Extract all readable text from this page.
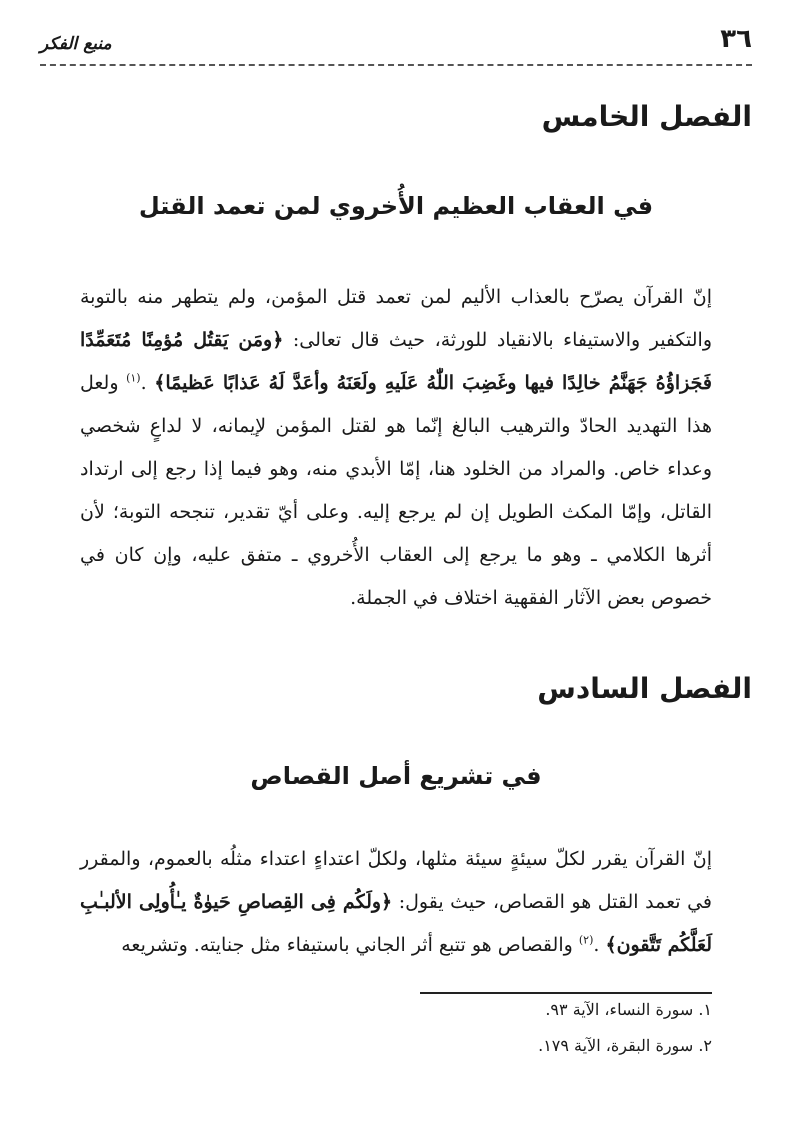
٣٦
منبع الفكر
الفصل الخامس
في العقاب العظيم الأُخروي لمن تعمد القتل

إنّ القرآن يصرّح بالعذاب الأليم لمن تعمد قتل المؤمن، ولم يتطهر منه بالتوبة والتكفير والاستيفاء بالانقياد للورثة، حيث قال تعالى: ﴿ومَن يَقتُل مُؤمِنًا مُتَعَمِّدًا فَجَزاؤُهُ جَهَنَّمُ خالِدًا فيها وغَضِبَ اللّٰهُ عَلَيهِ ولَعَنَهُ وأعَدَّ لَهُ عَذابًا عَظيمًا﴾ .$^{(١)}$ ولعل هذا التهديد الحادّ والترهيب البالغ إنّما هو لقتل المؤمن لإيمانه، لا لداعٍ شخصي وعداء خاص. والمراد من الخلود هنا، إمّا الأبدي منه، وهو فيما إذا رجع إلى ارتداد القاتل، وإمّا المكث الطويل إن لم يرجع إليه. وعلى أيّ تقدير، تنجحه التوبة؛ لأن أثرها الكلامي ـ وهو ما يرجع إلى العقاب الأُخروي ـ متفق عليه، وإن كان في خصوص بعض الآثار الفقهية اختلاف في الجملة.

الفصل السادس
في تشريع أصل القصاص

إنّ القرآن يقرر لكلّ سيئةٍ سيئة مثلها، ولكلّ اعتداءٍ اعتداء مثلُه بالعموم، والمقرر في تعمد القتل هو القصاص، حيث يقول: ﴿ولَكُم فِى القِصاصِ حَيوٰةٌ يـٰأُولِى الألبـٰبِ لَعَلَّكُم تَتَّقون﴾ .$^{(٢)}$ والقصاص هو تتبع أثر الجاني باستيفاء مثل جنايته. وتشريعه

١. سورة النساء، الآية ٩٣.

٢. سورة البقرة، الآية ١٧٩.
